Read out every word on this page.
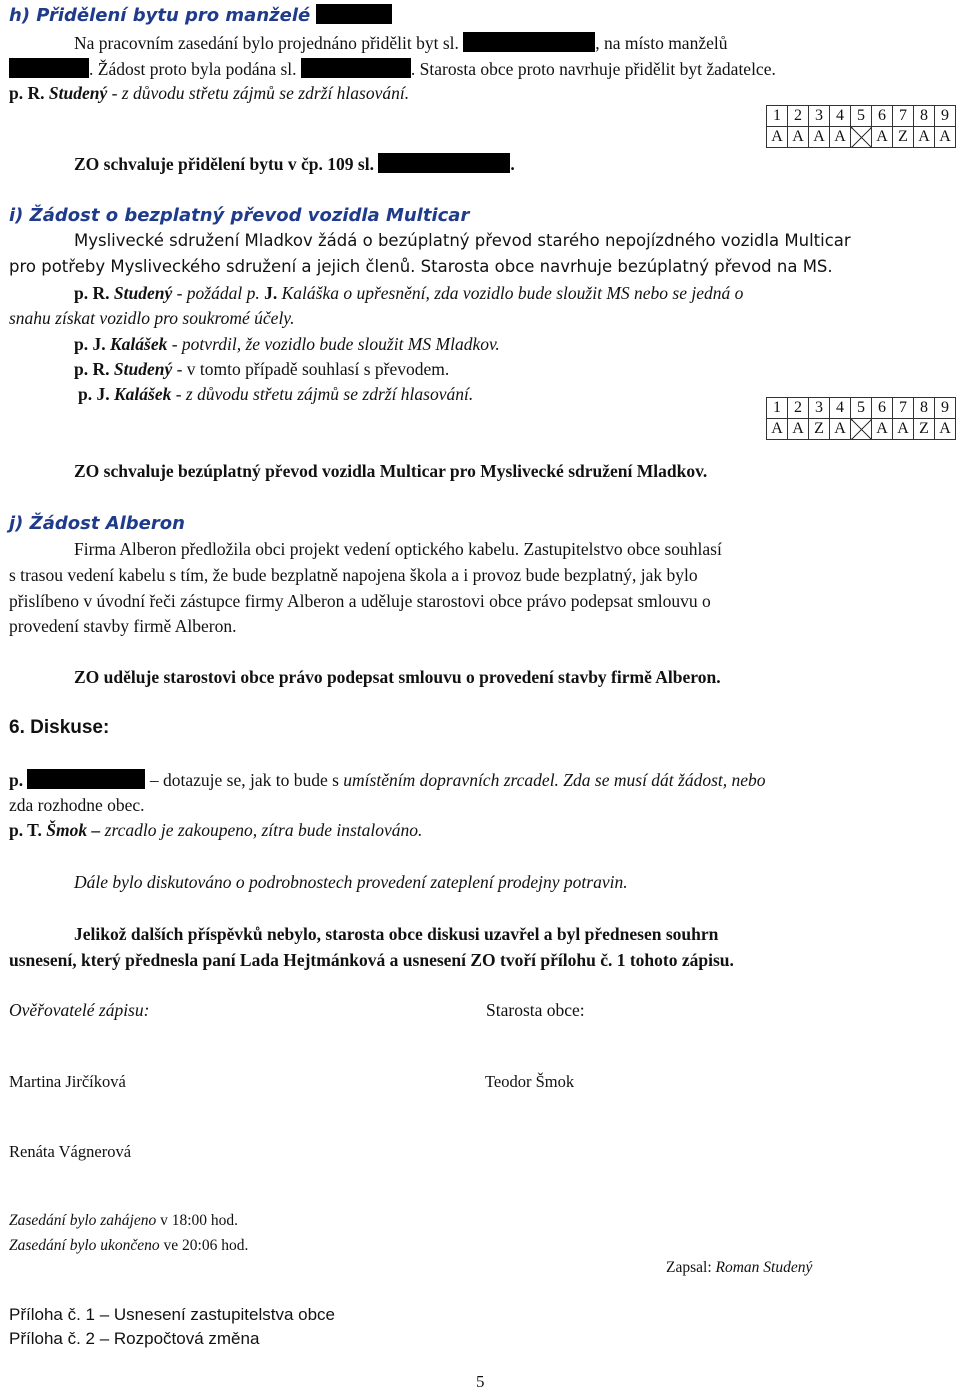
h) Přidělení bytu pro manželé
Na pracovním zasedání bylo projednáno přidělit byt sl.	, na místo manželů
. Žádost proto byla podána sl.	. Starosta obce proto navrhuje přidělit byt žadatelce.
p. R. Studený - z důvodu střetu zájmů se zdrží hlasování.
ZO schvaluje přidělení bytu v čp. 109 sl.	.
1	2	3	4	5	6	7	8	9
A	A	A	A		A	Z	A	A
i) Žádost o bezplatný převod vozidla Multicar
Myslivecké sdružení Mladkov žádá o bezúplatný převod starého nepojízdného vozidla Multicar
pro potřeby Mysliveckého sdružení a jejich členů. Starosta obce navrhuje bezúplatný převod na MS.
p. R. Studený - požádal p. J. Kaláška o upřesnění, zda vozidlo bude sloužit MS nebo se jedná o
snahu získat vozidlo pro soukromé účely.
p. J. Kalášek - potvrdil, že vozidlo bude sloužit MS Mladkov.
p. R. Studený - v tomto případě souhlasí s převodem.
p. J. Kalášek - z důvodu střetu zájmů se zdrží hlasování.
1	2	3	4	5	6	7	8	9
A	A	Z	A		A	A	Z	A
ZO schvaluje bezúplatný převod vozidla Multicar pro Myslivecké sdružení Mladkov.
j) Žádost Alberon
Firma Alberon předložila obci projekt vedení optického kabelu. Zastupitelstvo obce souhlasí
s trasou vedení kabelu s tím, že bude bezplatně napojena škola a i provoz bude bezplatný, jak bylo
přislíbeno v úvodní řeči zástupce firmy Alberon a uděluje starostovi obce právo podepsat smlouvu o
provedení stavby firmě Alberon.
ZO uděluje starostovi obce právo podepsat smlouvu o provedení stavby firmě Alberon.
6. Diskuse:
p.	– dotazuje se, jak to bude s umístěním dopravních zrcadel. Zda se musí dát žádost, nebo
zda rozhodne obec.
p. T. Šmok – zrcadlo je zakoupeno, zítra bude instalováno.
Dále bylo diskutováno o podrobnostech provedení zateplení prodejny potravin.
Jelikož dalších příspěvků nebylo, starosta obce diskusi uzavřel a byl přednesen souhrn
usnesení, který přednesla paní Lada Hejtmánková a usnesení ZO tvoří přílohu č. 1 tohoto zápisu.
Ověřovatelé zápisu:	Starosta obce:
Martina Jirčíková	Teodor Šmok
Renáta Vágnerová
Zasedání bylo zahájeno v 18:00 hod.
Zasedání bylo ukončeno ve 20:06 hod.
Zapsal: Roman Studený
Příloha č. 1 – Usnesení zastupitelstva obce
Příloha č. 2 – Rozpočtová změna
5
